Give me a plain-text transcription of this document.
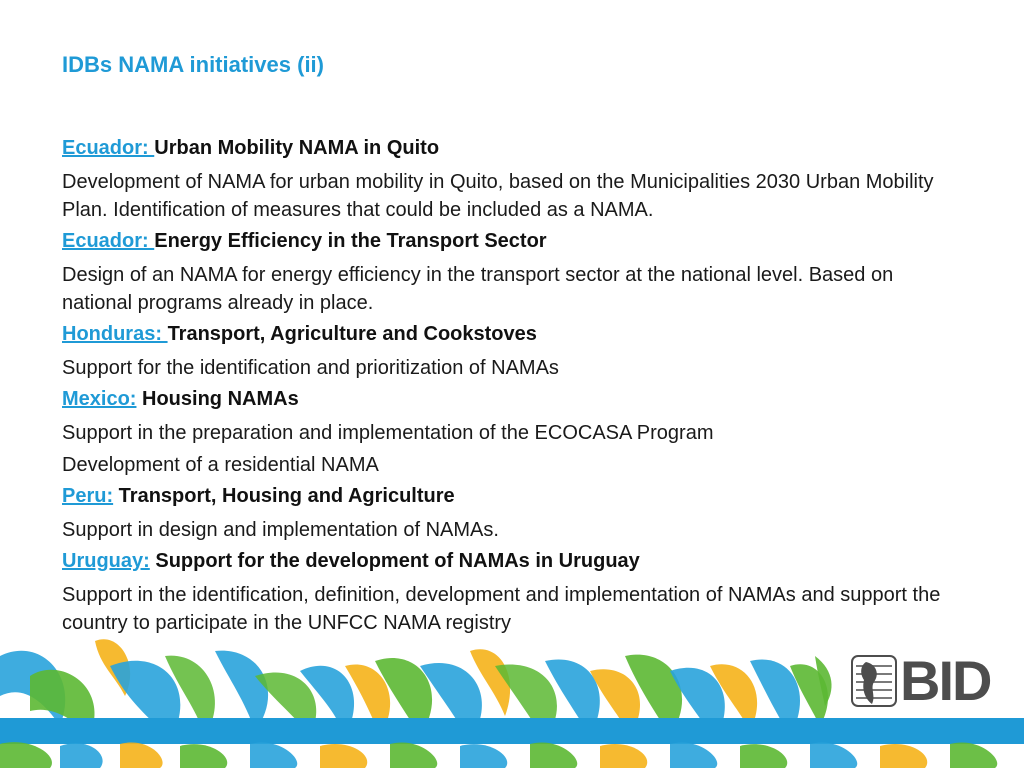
IDBs NAMA initiatives (ii)

Ecuador: Urban Mobility NAMA in Quito

Development of NAMA for urban mobility in Quito, based on the Municipalities 2030 Urban Mobility Plan. Identification of measures that could be included as a NAMA.

Ecuador: Energy Efficiency in the Transport Sector

Design of an NAMA for energy efficiency in the transport sector at the national level. Based on national programs already in place.

Honduras: Transport, Agriculture and Cookstoves

Support for the identification and prioritization of NAMAs

Mexico: Housing NAMAs

Support in the preparation and implementation of the ECOCASA Program

Development of a residential NAMA

Peru: Transport, Housing and Agriculture

Support in design and implementation of NAMAs.

Uruguay: Support for the development of NAMAs in Uruguay

Support in the identification, definition, development and implementation of NAMAs and support the country to participate in the UNFCC NAMA registry

BID
